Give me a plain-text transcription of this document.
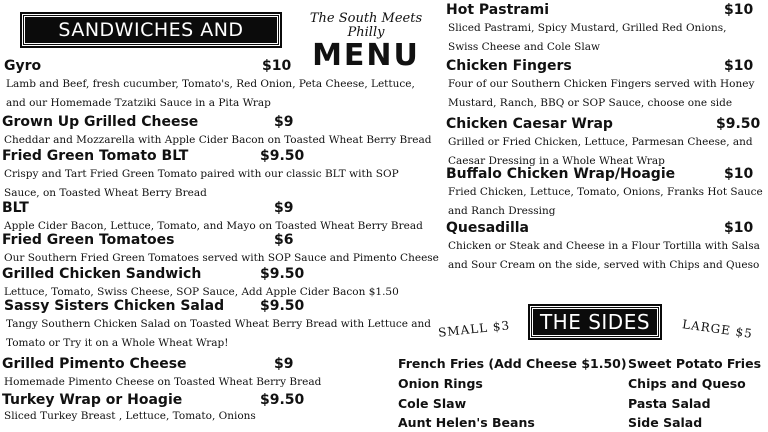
SANDWICHES AND STUFF
The South Meets Philly
MENU
Gyro	$10
Lamb and Beef, fresh cucumber, Tomato's, Red Onion, Peta Cheese, Lettuce,
and our Homemade Tzatziki Sauce in a Pita Wrap
Grown Up Grilled Cheese	$9
Cheddar and Mozzarella with Apple Cider Bacon on Toasted Wheat Berry Bread
Fried Green Tomato BLT	$9.50
Crispy and Tart Fried Green Tomato paired with our classic BLT with SOP
Sauce, on Toasted Wheat Berry Bread
BLT	$9
Apple Cider Bacon, Lettuce, Tomato, and Mayo on Toasted Wheat Berry Bread
Fried Green Tomatoes	$6
Our Southern Fried Green Tomatoes served with SOP Sauce and Pimento Cheese
Grilled Chicken Sandwich	$9.50
Lettuce, Tomato, Swiss Cheese, SOP Sauce, Add Apple Cider Bacon $1.50
Sassy Sisters Chicken Salad	$9.50
Tangy Southern Chicken Salad on Toasted Wheat Berry Bread with Lettuce and
Tomato or Try it on a Whole Wheat Wrap!
Grilled Pimento Cheese	$9
Homemade Pimento Cheese on Toasted Wheat Berry Bread
Turkey Wrap or Hoagie	$9.50
Sliced Turkey Breast , Lettuce, Tomato, Onions
Hot Pastrami	$10
Sliced Pastrami, Spicy Mustard, Grilled Red Onions,
Swiss Cheese and Cole Slaw
Chicken Fingers	$10
Four of our Southern Chicken Fingers served with Honey
Mustard, Ranch, BBQ or SOP Sauce, choose one side
Chicken Caesar Wrap	$9.50
Grilled or Fried Chicken, Lettuce, Parmesan Cheese, and
Caesar Dressing in a Whole Wheat Wrap
Buffalo Chicken Wrap/Hoagie	$10
Fried Chicken, Lettuce, Tomato, Onions, Franks Hot Sauce
and Ranch Dressing
Quesadilla	$10
Chicken or Steak and Cheese in a Flour Tortilla with Salsa
and Sour Cream on the side, served with Chips and Queso
THE SIDES
SMALL $3	LARGE $5
French Fries (Add Cheese $1.50)
Onion Rings
Cole Slaw
Aunt Helen's Beans
Sweet Potato Fries
Chips and Queso
Pasta Salad
Side Salad
